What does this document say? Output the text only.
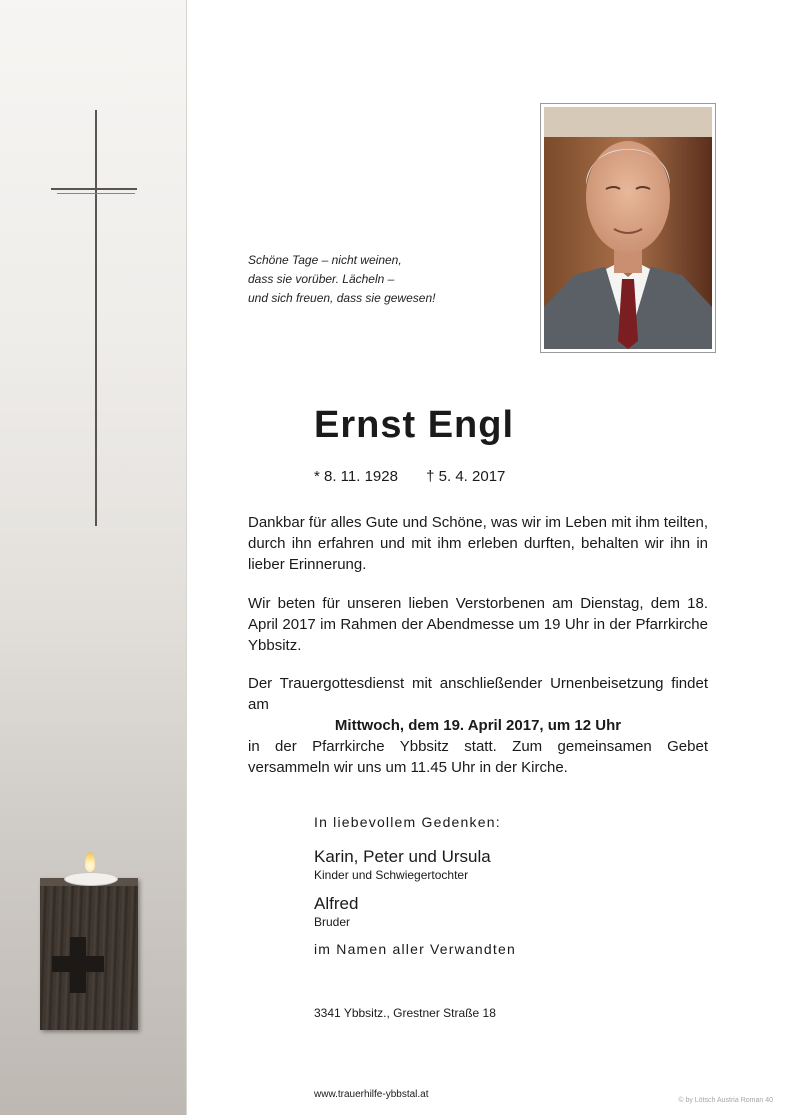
Schöne Tage – nicht weinen,
dass sie vorüber. Lächeln –
und sich freuen, dass sie gewesen!
Ernst Engl
* 8. 11. 1928 † 5. 4. 2017
Dankbar für alles Gute und Schöne, was wir im Leben mit ihm teilten, durch ihn erfahren und mit ihm erleben durften, behalten wir ihn in lieber Erinnerung.
Wir beten für unseren lieben Verstorbenen am Dienstag, dem 18. April 2017 im Rahmen der Abendmesse um 19 Uhr in der Pfarrkirche Ybbsitz.
Der Trauergottesdienst mit anschließender Urnenbeisetzung findet am
Mittwoch, dem 19. April 2017, um 12 Uhr
in der Pfarrkirche Ybbsitz statt. Zum gemeinsamen Gebet versammeln wir uns um 11.45 Uhr in der Kirche.
In liebevollem Gedenken:
Karin, Peter und Ursula
Kinder und Schwiegertochter
Alfred
Bruder
im Namen aller Verwandten
3341 Ybbsitz., Grestner Straße 18
www.trauerhilfe-ybbstal.at
© by Lötsch Austria Roman 40
